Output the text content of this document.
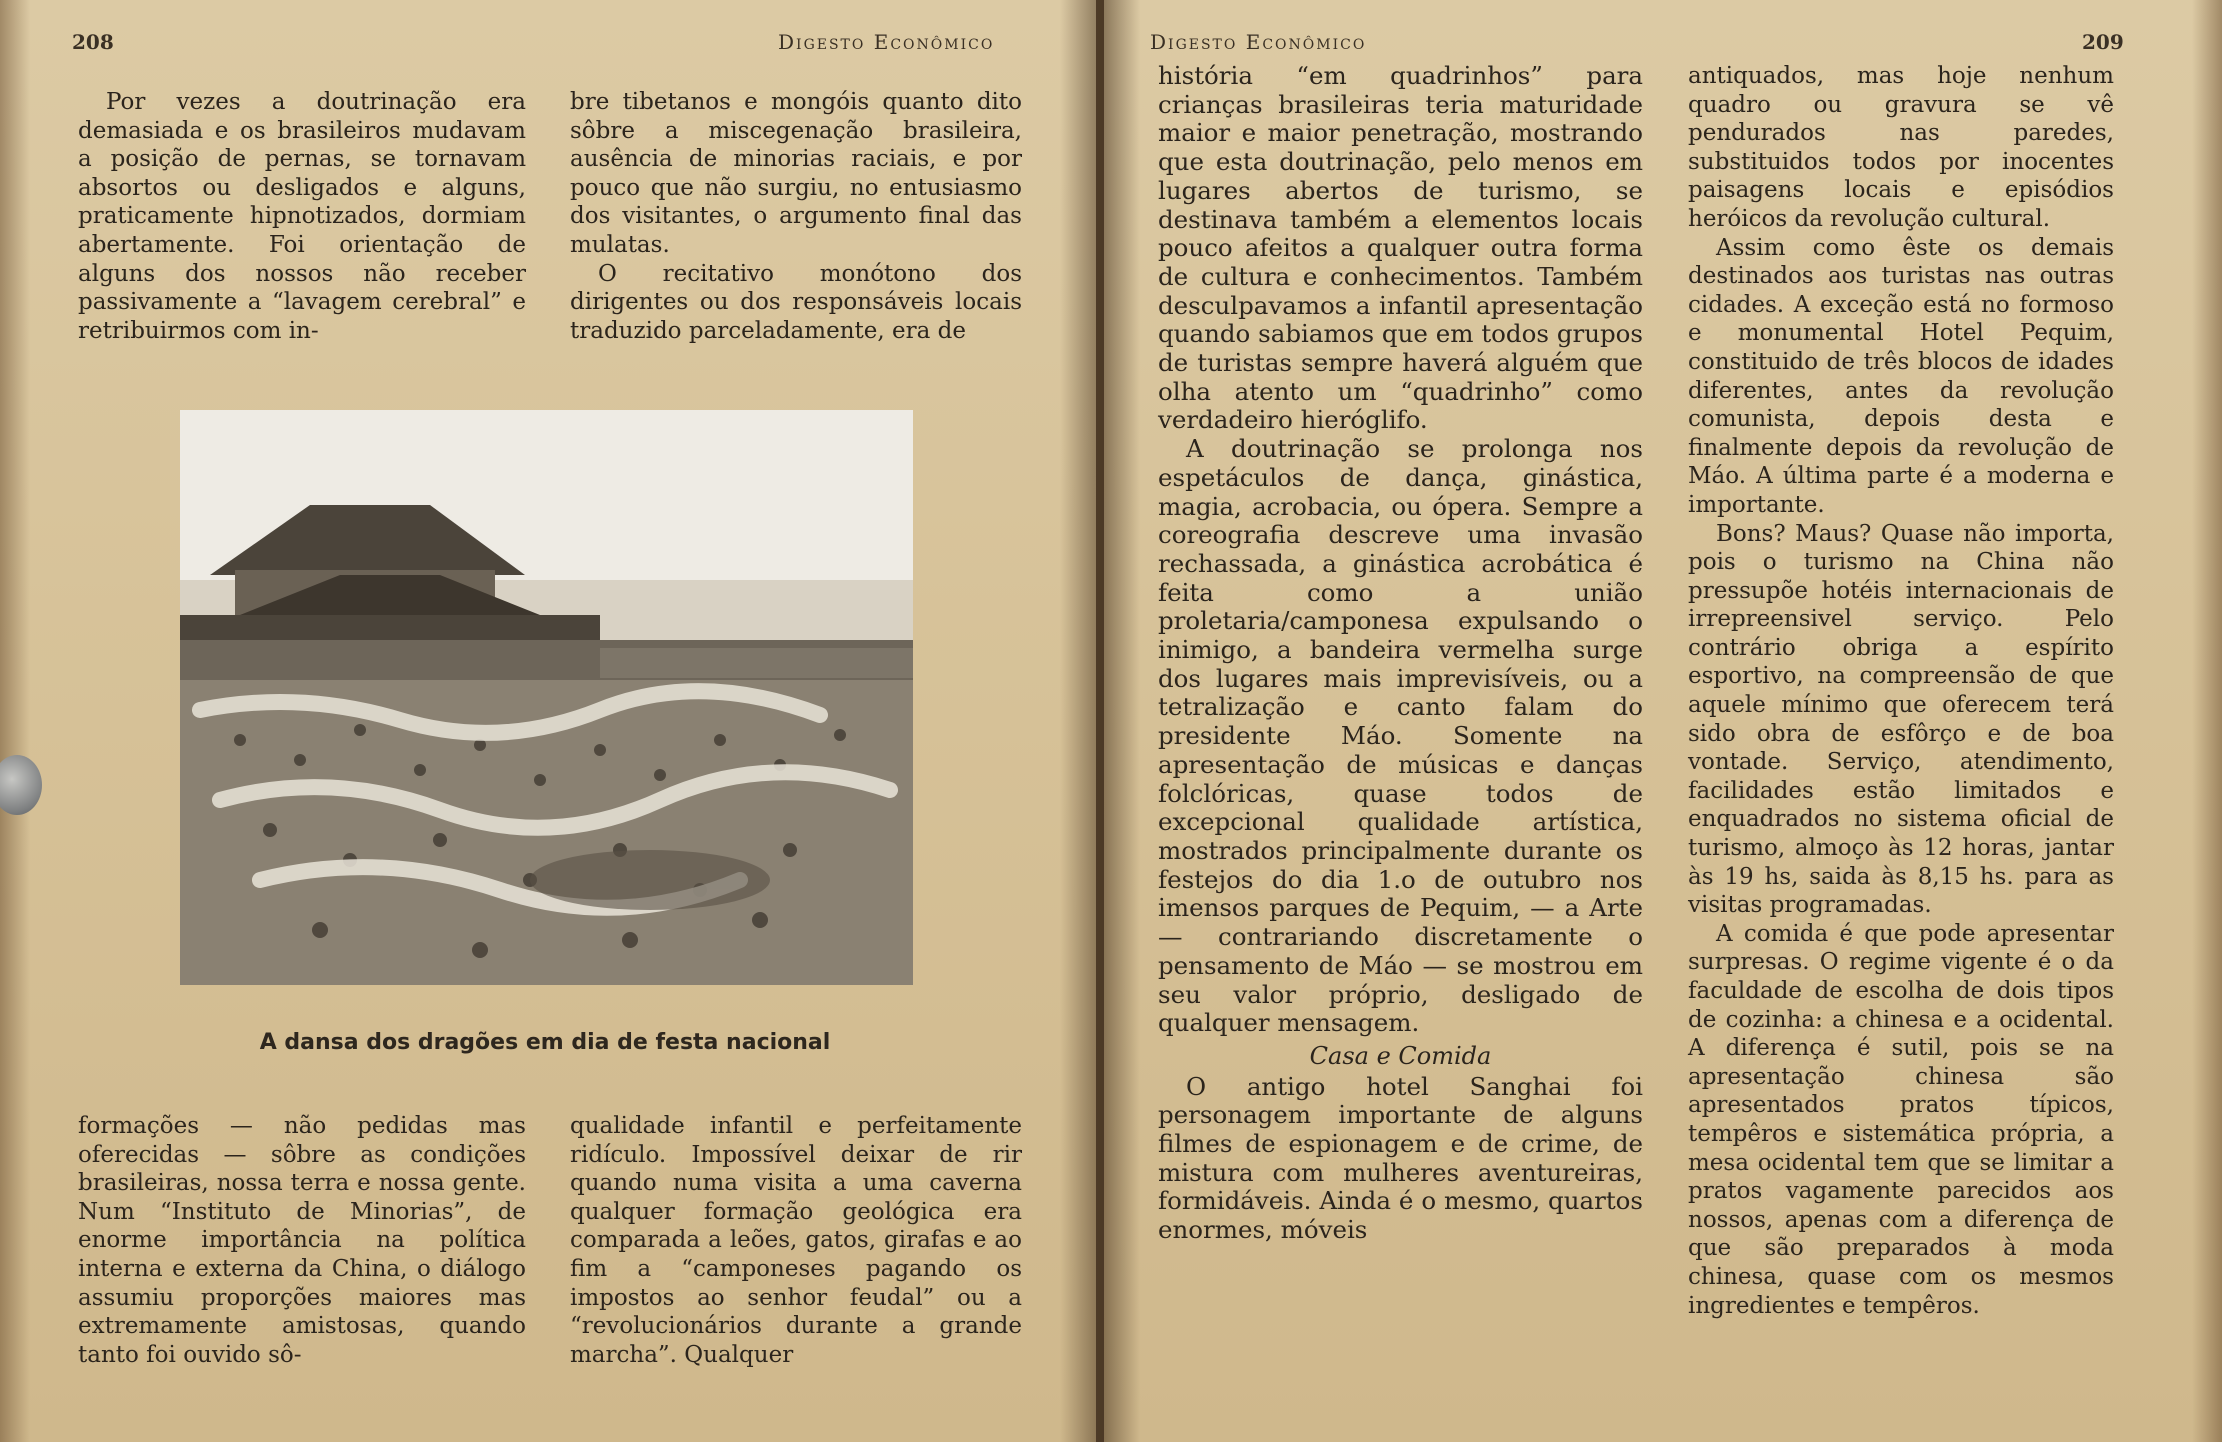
208	Digesto Econômico

Por vezes a doutrinação era demasiada e os brasileiros mudavam a posição de pernas, se tornavam absortos ou desligados e alguns, praticamente hipnotizados, dormiam abertamente. Foi orientação de alguns dos nossos não receber passivamente a “lavagem cerebral” e retribuirmos com in-

bre tibetanos e mongóis quanto dito sôbre a miscegenação brasileira, ausência de minorias raciais, e por pouco que não surgiu, no entusiasmo dos visitantes, o argumento final das mulatas.

O recitativo monótono dos dirigentes ou dos responsáveis locais traduzido parceladamente, era de

A dansa dos dragões em dia de festa nacional

formações — não pedidas mas oferecidas — sôbre as condições brasileiras, nossa terra e nossa gente. Num “Instituto de Minorias”, de enorme importância na política interna e externa da China, o diálogo assumiu proporções maiores mas extremamente amistosas, quando tanto foi ouvido sô-

qualidade infantil e perfeitamente ridículo. Impossível deixar de rir quando numa visita a uma caverna qualquer formação geológica era comparada a leões, gatos, girafas e ao fim a “camponeses pagando os impostos ao senhor feudal” ou a “revolucionários durante a grande marcha”. Qualquer

Digesto Econômico	209

história “em quadrinhos” para crianças brasileiras teria maturidade maior e maior penetração, mostrando que esta doutrinação, pelo menos em lugares abertos de turismo, se destinava também a elementos locais pouco afeitos a qualquer outra forma de cultura e conhecimentos. Também desculpavamos a infantil apresentação quando sabiamos que em todos grupos de turistas sempre haverá alguém que olha atento um “quadrinho” como verdadeiro hieróglifo.

A doutrinação se prolonga nos espetáculos de dança, ginástica, magia, acrobacia, ou ópera. Sempre a coreografia descreve uma invasão rechassada, a ginástica acrobática é feita como a união proletaria/camponesa expulsando o inimigo, a bandeira vermelha surge dos lugares mais imprevisíveis, ou a tetralização e canto falam do presidente Máo. Somente na apresentação de músicas e danças folclóricas, quase todos de excepcional qualidade artística, mostrados principalmente durante os festejos do dia 1.o de outubro nos imensos parques de Pequim, — a Arte — contrariando discretamente o pensamento de Máo — se mostrou em seu valor próprio, desligado de qualquer mensagem.

Casa e Comida

O antigo hotel Sanghai foi personagem importante de alguns filmes de espionagem e de crime, de mistura com mulheres aventureiras, formidáveis. Ainda é o mesmo, quartos enormes, móveis

antiquados, mas hoje nenhum quadro ou gravura se vê pendurados nas paredes, substituidos todos por inocentes paisagens locais e episódios heróicos da revolução cultural.

Assim como êste os demais destinados aos turistas nas outras cidades. A exceção está no formoso e monumental Hotel Pequim, constituido de três blocos de idades diferentes, antes da revolução comunista, depois desta e finalmente depois da revolução de Máo. A última parte é a moderna e importante.

Bons? Maus? Quase não importa, pois o turismo na China não pressupõe hotéis internacionais de irrepreensivel serviço. Pelo contrário obriga a espírito esportivo, na compreensão de que aquele mínimo que oferecem terá sido obra de esfôrço e de boa vontade. Serviço, atendimento, facilidades estão limitados e enquadrados no sistema oficial de turismo, almoço às 12 horas, jantar às 19 hs, saida às 8,15 hs. para as visitas programadas.

A comida é que pode apresentar surpresas. O regime vigente é o da faculdade de escolha de dois tipos de cozinha: a chinesa e a ocidental. A diferença é sutil, pois se na apresentação chinesa são apresentados pratos típicos, tempêros e sistemática própria, a mesa ocidental tem que se limitar a pratos vagamente parecidos aos nossos, apenas com a diferença de que são preparados à moda chinesa, quase com os mesmos ingredientes e tempêros.
